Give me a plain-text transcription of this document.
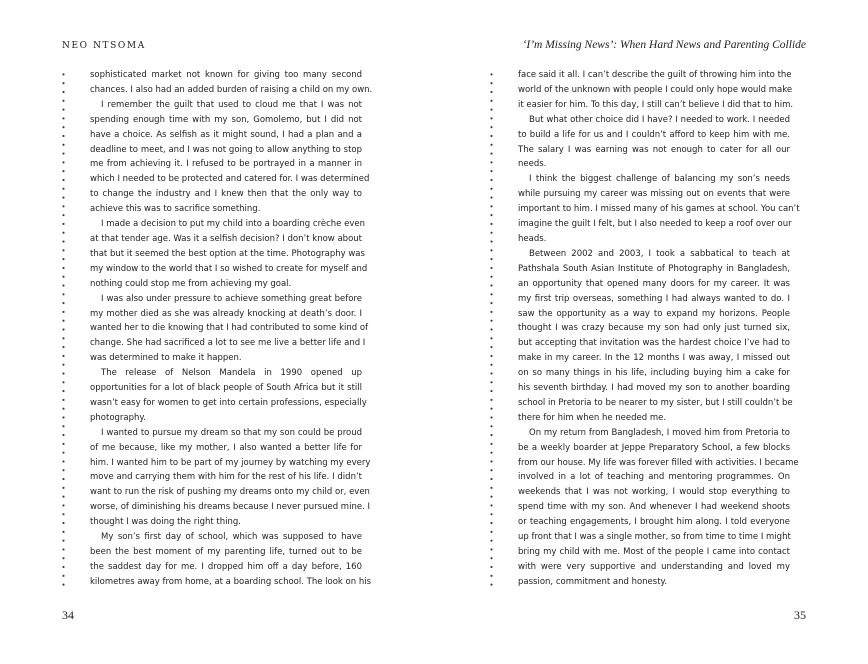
NEO NTSOMA
sophisticated market not known for giving too many second
chances. I also had an added burden of raising a child on my own.
I remember the guilt that used to cloud me that I was not
spending enough time with my son, Gomolemo, but I did not
have a choice. As selfish as it might sound, I had a plan and a
deadline to meet, and I was not going to allow anything to stop
me from achieving it. I refused to be portrayed in a manner in
which I needed to be protected and catered for. I was determined
to change the industry and I knew then that the only way to
achieve this was to sacrifice something.
I made a decision to put my child into a boarding crèche even
at that tender age. Was it a selfish decision? I don’t know about
that but it seemed the best option at the time. Photography was
my window to the world that I so wished to create for myself and
nothing could stop me from achieving my goal.
I was also under pressure to achieve something great before
my mother died as she was already knocking at death’s door. I
wanted her to die knowing that I had contributed to some kind of
change. She had sacrificed a lot to see me live a better life and I
was determined to make it happen.
The release of Nelson Mandela in 1990 opened up
opportunities for a lot of black people of South Africa but it still
wasn’t easy for women to get into certain professions, especially
photography.
I wanted to pursue my dream so that my son could be proud
of me because, like my mother, I also wanted a better life for
him. I wanted him to be part of my journey by watching my every
move and carrying them with him for the rest of his life. I didn’t
want to run the risk of pushing my dreams onto my child or, even
worse, of diminishing his dreams because I never pursued mine. I
thought I was doing the right thing.
My son’s first day of school, which was supposed to have
been the best moment of my parenting life, turned out to be
the saddest day for me. I dropped him off a day before, 160
kilometres away from home, at a boarding school. The look on his
34
‘I’m Missing News’: When Hard News and Parenting Collide
face said it all. I can’t describe the guilt of throwing him into the
world of the unknown with people I could only hope would make
it easier for him. To this day, I still can’t believe I did that to him.
But what other choice did I have? I needed to work. I needed
to build a life for us and I couldn’t afford to keep him with me.
The salary I was earning was not enough to cater for all our
needs.
I think the biggest challenge of balancing my son’s needs
while pursuing my career was missing out on events that were
important to him. I missed many of his games at school. You can’t
imagine the guilt I felt, but I also needed to keep a roof over our
heads.
Between 2002 and 2003, I took a sabbatical to teach at
Pathshala South Asian Institute of Photography in Bangladesh,
an opportunity that opened many doors for my career. It was
my first trip overseas, something I had always wanted to do. I
saw the opportunity as a way to expand my horizons. People
thought I was crazy because my son had only just turned six,
but accepting that invitation was the hardest choice I’ve had to
make in my career. In the 12 months I was away, I missed out
on so many things in his life, including buying him a cake for
his seventh birthday. I had moved my son to another boarding
school in Pretoria to be nearer to my sister, but I still couldn’t be
there for him when he needed me.
On my return from Bangladesh, I moved him from Pretoria to
be a weekly boarder at Jeppe Preparatory School, a few blocks
from our house. My life was forever filled with activities. I became
involved in a lot of teaching and mentoring programmes. On
weekends that I was not working, I would stop everything to
spend time with my son. And whenever I had weekend shoots
or teaching engagements, I brought him along. I told everyone
up front that I was a single mother, so from time to time I might
bring my child with me. Most of the people I came into contact
with were very supportive and understanding and loved my
passion, commitment and honesty.
35
